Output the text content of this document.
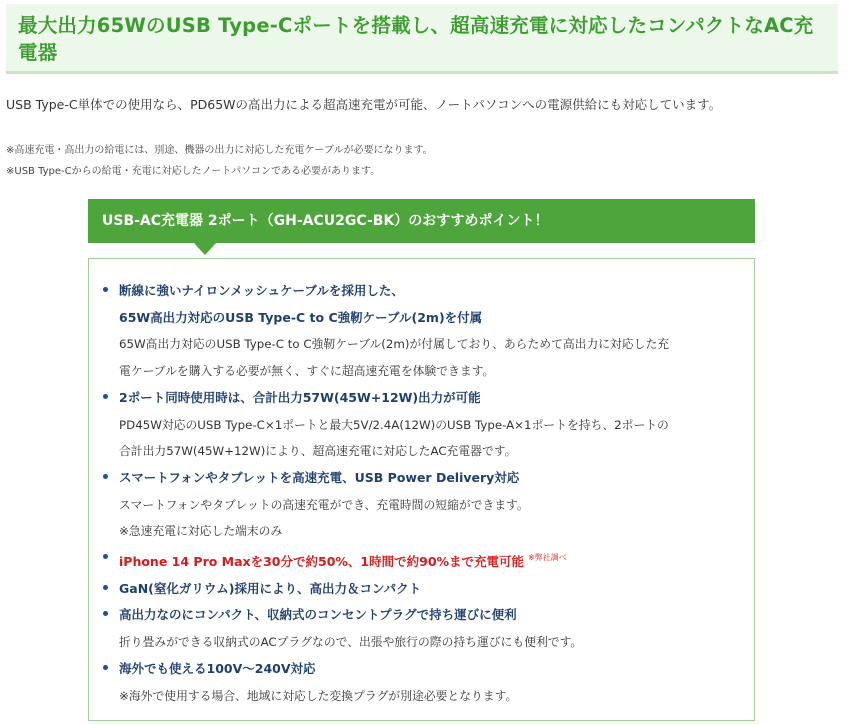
最大出力65WのUSB Type-Cポートを搭載し、超高速充電に対応したコンパクトなAC充
電器

USB Type-C単体での使用なら、PD65Wの高出力による超高速充電が可能、ノートパソコンへの電源供給にも対応しています。

※高速充電・高出力の給電には、別途、機器の出力に対応した充電ケーブルが必要になります。

※USB Type-Cからの給電・充電に対応したノートパソコンである必要があります。

USB-AC充電器 2ポート（GH-ACU2GC-BK）のおすすめポイント！
断線に強いナイロンメッシュケーブルを採用した、
65W高出力対応のUSB Type-C to C強靭ケーブル(2m)を付属
65W高出力対応のUSB Type-C to C強靭ケーブル(2m)が付属しており、あらためて高出力に対応した充
電ケーブルを購入する必要が無く、すぐに超高速充電を体験できます。
2ポート同時使用時は、合計出力57W(45W+12W)出力が可能
PD45W対応のUSB Type-C×1ポートと最大5V/2.4A(12W)のUSB Type-A×1ポートを持ち、2ポートの
合計出力57W(45W+12W)により、超高速充電に対応したAC充電器です。
スマートフォンやタブレットを高速充電、USB Power Delivery対応
スマートフォンやタブレットの高速充電ができ、充電時間の短縮ができます。
※急速充電に対応した端末のみ
iPhone 14 Pro Maxを30分で約50%、1時間で約90%まで充電可能 $^{※弊社調べ}$
GaN(窒化ガリウム)採用により、高出力＆コンパクト
高出力なのにコンパクト、収納式のコンセントプラグで持ち運びに便利
折り畳みができる収納式のACプラグなので、出張や旅行の際の持ち運びにも便利です。
海外でも使える100V～240V対応
※海外で使用する場合、地域に対応した変換プラグが別途必要となります。
